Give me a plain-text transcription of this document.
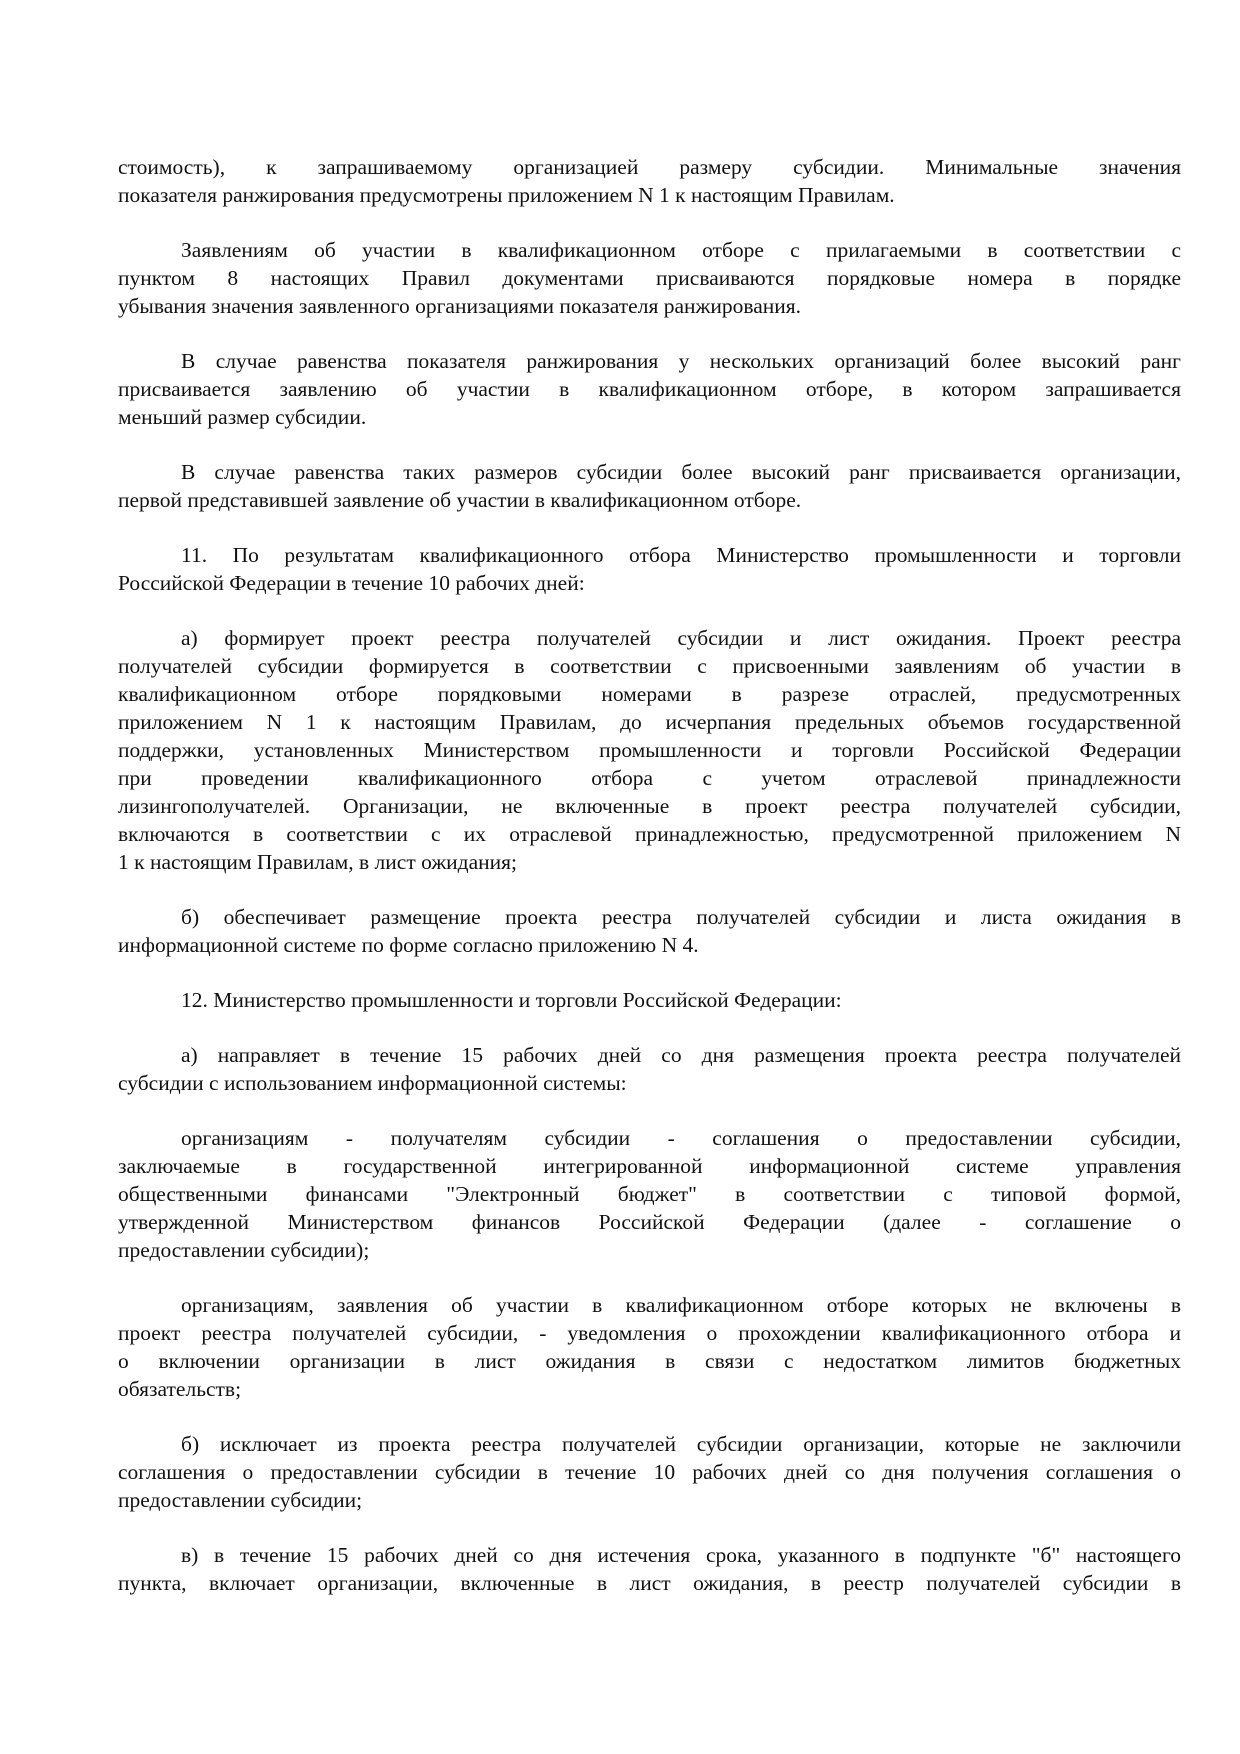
стоимость), к запрашиваемому организацией размеру субсидии. Минимальные значения
показателя ранжирования предусмотрены приложением N 1 к настоящим Правилам.
Заявлениям об участии в квалификационном отборе с прилагаемыми в соответствии с
пунктом 8 настоящих Правил документами присваиваются порядковые номера в порядке
убывания значения заявленного организациями показателя ранжирования.
В случае равенства показателя ранжирования у нескольких организаций более высокий ранг
присваивается заявлению об участии в квалификационном отборе, в котором запрашивается
меньший размер субсидии.
В случае равенства таких размеров субсидии более высокий ранг присваивается организации,
первой представившей заявление об участии в квалификационном отборе.
11. По результатам квалификационного отбора Министерство промышленности и торговли
Российской Федерации в течение 10 рабочих дней:
а) формирует проект реестра получателей субсидии и лист ожидания. Проект реестра
получателей субсидии формируется в соответствии с присвоенными заявлениям об участии в
квалификационном отборе порядковыми номерами в разрезе отраслей, предусмотренных
приложением N 1 к настоящим Правилам, до исчерпания предельных объемов государственной
поддержки, установленных Министерством промышленности и торговли Российской Федерации
при проведении квалификационного отбора с учетом отраслевой принадлежности
лизингополучателей. Организации, не включенные в проект реестра получателей субсидии,
включаются в соответствии с их отраслевой принадлежностью, предусмотренной приложением N
1 к настоящим Правилам, в лист ожидания;
б) обеспечивает размещение проекта реестра получателей субсидии и листа ожидания в
информационной системе по форме согласно приложению N 4.
12. Министерство промышленности и торговли Российской Федерации:
а) направляет в течение 15 рабочих дней со дня размещения проекта реестра получателей
субсидии с использованием информационной системы:
организациям - получателям субсидии - соглашения о предоставлении субсидии,
заключаемые в государственной интегрированной информационной системе управления
общественными финансами "Электронный бюджет" в соответствии с типовой формой,
утвержденной Министерством финансов Российской Федерации (далее - соглашение о
предоставлении субсидии);
организациям, заявления об участии в квалификационном отборе которых не включены в
проект реестра получателей субсидии, - уведомления о прохождении квалификационного отбора и
о включении организации в лист ожидания в связи с недостатком лимитов бюджетных
обязательств;
б) исключает из проекта реестра получателей субсидии организации, которые не заключили
соглашения о предоставлении субсидии в течение 10 рабочих дней со дня получения соглашения о
предоставлении субсидии;
в) в течение 15 рабочих дней со дня истечения срока, указанного в подпункте "б" настоящего
пункта, включает организации, включенные в лист ожидания, в реестр получателей субсидии в
